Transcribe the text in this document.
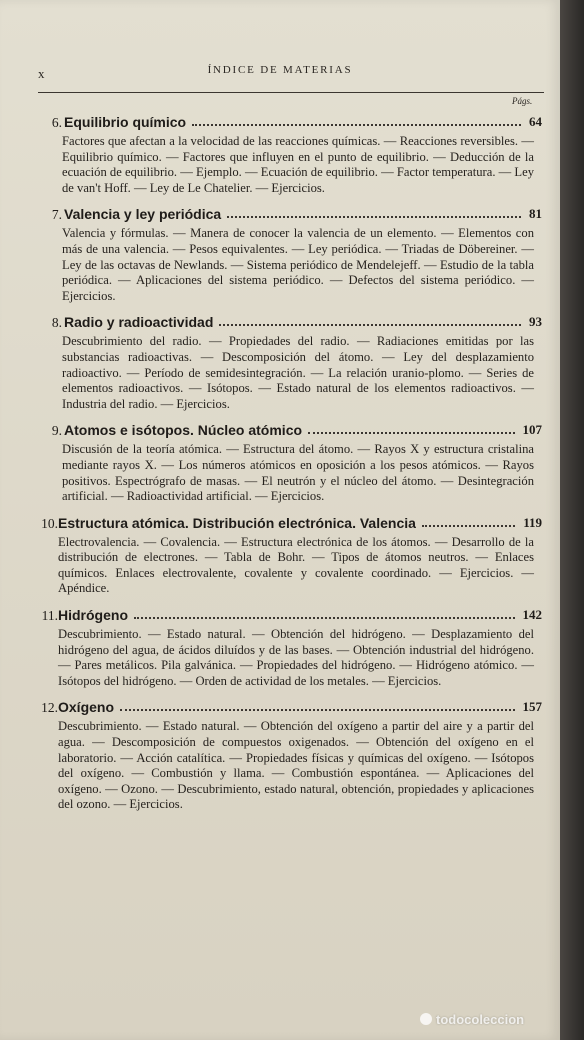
x	ÍNDICE DE MATERIAS
Págs.
6. Equilibrio químico	64
Factores que afectan a la velocidad de las reacciones químicas. — Reacciones reversibles. — Equilibrio químico. — Factores que influyen en el punto de equilibrio. — Deducción de la ecuación de equilibrio. — Ejemplo. — Ecuación de equilibrio. — Factor temperatura. — Ley de van't Hoff. — Ley de Le Chatelier. — Ejercicios.
7. Valencia y ley periódica	81
Valencia y fórmulas. — Manera de conocer la valencia de un elemento. — Elementos con más de una valencia. — Pesos equivalentes. — Ley periódica. — Triadas de Döbereiner. — Ley de las octavas de Newlands. — Sistema periódico de Mendelejeff. — Estudio de la tabla periódica. — Aplicaciones del sistema periódico. — Defectos del sistema periódico. — Ejercicios.
8. Radio y radioactividad	93
Descubrimiento del radio. — Propiedades del radio. — Radiaciones emitidas por las substancias radioactivas. — Descomposición del átomo. — Ley del desplazamiento radioactivo. — Período de semidesintegración. — La relación uranio-plomo. — Series de elementos radioactivos. — Isótopos. — Estado natural de los elementos radioactivos. — Industria del radio. — Ejercicios.
9. Atomos e isótopos. Núcleo atómico	107
Discusión de la teoría atómica. — Estructura del átomo. — Rayos X y estructura cristalina mediante rayos X. — Los números atómicos en oposición a los pesos atómicos. — Rayos positivos. Espectrógrafo de masas. — El neutrón y el núcleo del átomo. — Desintegración artificial. — Radioactividad artificial. — Ejercicios.
10. Estructura atómica. Distribución electrónica. Valencia	119
Electrovalencia. — Covalencia. — Estructura electrónica de los átomos. — Desarrollo de la distribución de electrones. — Tabla de Bohr. — Tipos de átomos neutros. — Enlaces químicos. Enlaces electrovalente, covalente y covalente coordinado. — Ejercicios. — Apéndice.
11. Hidrógeno	142
Descubrimiento. — Estado natural. — Obtención del hidrógeno. — Desplazamiento del hidrógeno del agua, de ácidos diluídos y de las bases. — Obtención industrial del hidrógeno. — Pares metálicos. Pila galvánica. — Propiedades del hidrógeno. — Hidrógeno atómico. — Isótopos del hidrógeno. — Orden de actividad de los metales. — Ejercicios.
12. Oxígeno	157
Descubrimiento. — Estado natural. — Obtención del oxígeno a partir del aire y a partir del agua. — Descomposición de compuestos oxigenados. — Obtención del oxígeno en el laboratorio. — Acción catalítica. — Propiedades físicas y químicas del oxígeno. — Isótopos del oxígeno. — Combustión y llama. — Combustión espontánea. — Aplicaciones del oxígeno. — Ozono. — Descubrimiento, estado natural, obtención, propiedades y aplicaciones del ozono. — Ejercicios.
todocoleccion
